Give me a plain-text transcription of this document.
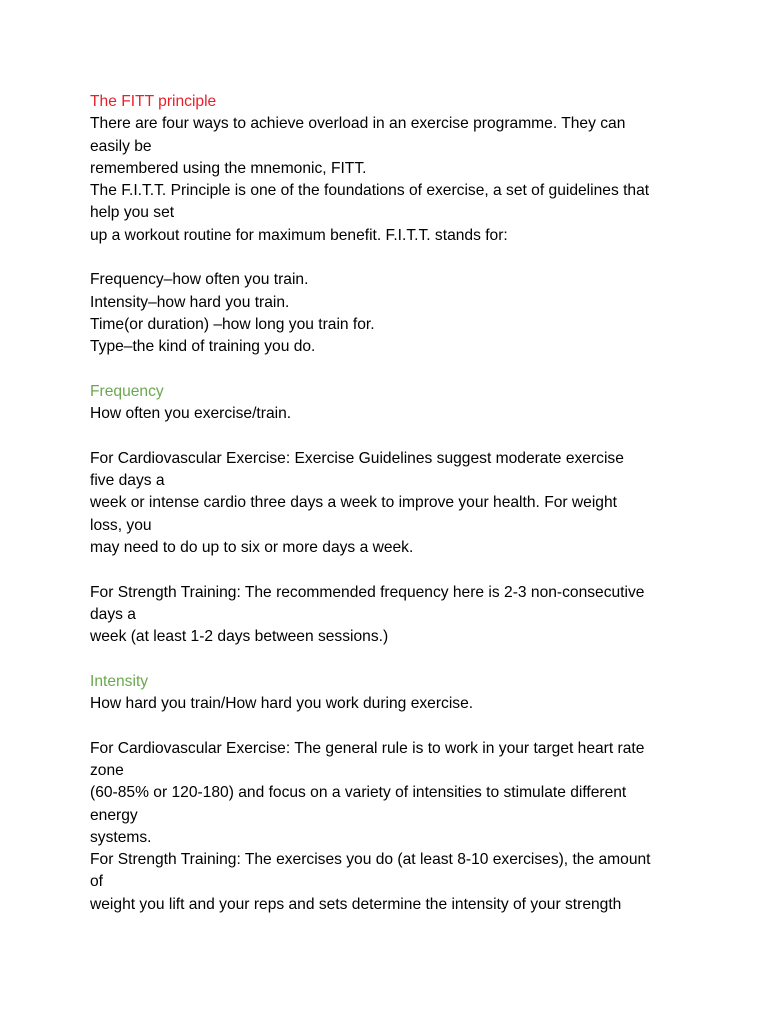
The FITT principle
There are four ways to achieve overload in an exercise programme. They can
easily be
remembered using the mnemonic, FITT.
The F.I.T.T. Principle is one of the foundations of exercise, a set of guidelines that
help you set
up a workout routine for maximum benefit. F.I.T.T. stands for:
Frequency–how often you train.
Intensity–how hard you train.
Time(or duration) –how long you train for.
Type–the kind of training you do.
Frequency
How often you exercise/train.
For Cardiovascular Exercise: Exercise Guidelines suggest moderate exercise
five days a
week or intense cardio three days a week to improve your health. For weight
loss, you
may need to do up to six or more days a week.
For Strength Training: The recommended frequency here is 2-3 non-consecutive
days a
week (at least 1-2 days between sessions.)
Intensity
How hard you train/How hard you work during exercise.
For Cardiovascular Exercise: The general rule is to work in your target heart rate
zone
(60-85% or 120-180) and focus on a variety of intensities to stimulate different
energy
systems.
For Strength Training: The exercises you do (at least 8-10 exercises), the amount
of
weight you lift and your reps and sets determine the intensity of your strength
